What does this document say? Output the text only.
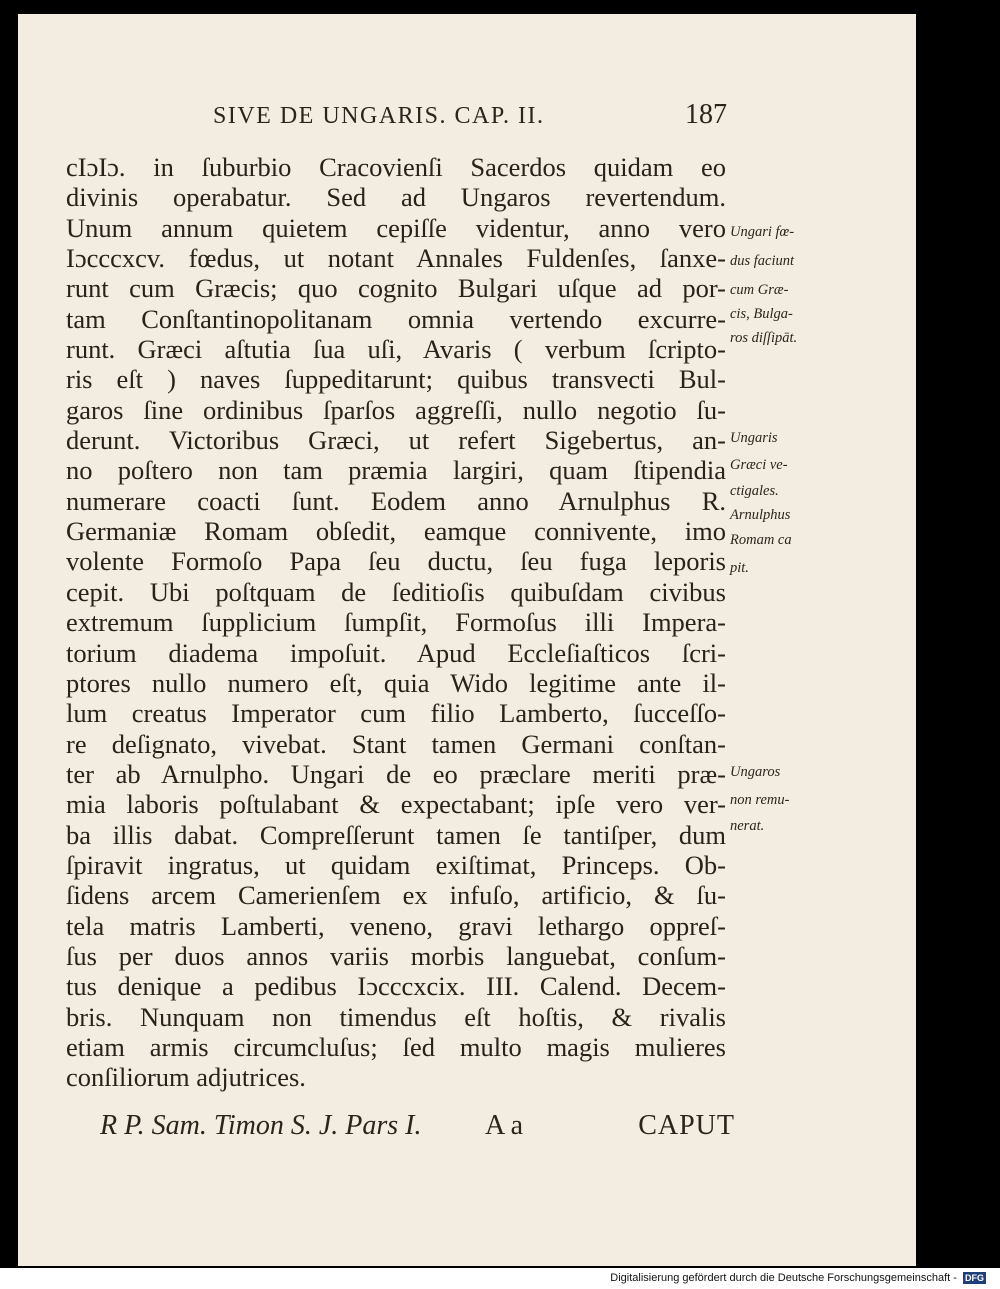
SIVE DE UNGARIS. CAP. II.	187
cIɔIɔ. in ſuburbio Cracovienſi Sacerdos quidam eo
divinis operabatur. Sed ad Ungaros revertendum.
Unum annum quietem cepiſſe videntur, anno vero
Iɔcccxcv. fœdus, ut notant Annales Fuldenſes, ſanxe-
runt cum Græcis; quo cognito Bulgari uſque ad por-
tam Conſtantinopolitanam omnia vertendo excurre-
runt. Græci aſtutia ſua uſi, Avaris ( verbum ſcripto-
ris eſt ) naves ſuppeditarunt; quibus transvecti Bul-
garos ſine ordinibus ſparſos aggreſſi, nullo negotio ſu-
derunt. Victoribus Græci, ut refert Sigebertus, an-
no poſtero non tam præmia largiri, quam ſtipendia
numerare coacti ſunt. Eodem anno Arnulphus R.
Germaniæ Romam obſedit, eamque connivente, imo
volente Formoſo Papa ſeu ductu, ſeu fuga leporis
cepit. Ubi poſtquam de ſeditioſis quibuſdam civibus
extremum ſupplicium ſumpſit, Formoſus illi Impera-
torium diadema impoſuit. Apud Eccleſiaſticos ſcri-
ptores nullo numero eſt, quia Wido legitime ante il-
lum creatus Imperator cum filio Lamberto, ſucceſſo-
re deſignato, vivebat. Stant tamen Germani conſtan-
ter ab Arnulpho. Ungari de eo præclare meriti præ-
mia laboris poſtulabant & expectabant; ipſe vero ver-
ba illis dabat. Compreſſerunt tamen ſe tantiſper, dum
ſpiravit ingratus, ut quidam exiſtimat, Princeps. Ob-
ſidens arcem Camerienſem ex infuſo, artificio, & ſu-
tela matris Lamberti, veneno, gravi lethargo oppreſ-
ſus per duos annos variis morbis languebat, conſum-
tus denique a pedibus Iɔcccxcix. III. Calend. Decem-
bris. Nunquam non timendus eſt hoſtis, & rivalis
etiam armis circumcluſus; ſed multo magis mulieres
conſiliorum adjutrices.
Ungari fœ-
dus faciunt
cum Græ-
cis, Bulga-
ros diſſipāt.
Ungaris
Græci ve-
ctigales.
Arnulphus
Romam ca
pit.
Ungaros
non remu-
nerat.
R P. Sam. Timon S. J. Pars I. A a	CAPUT
Digitalisierung gefördert durch die Deutsche Forschungsgemeinschaft - DFG
